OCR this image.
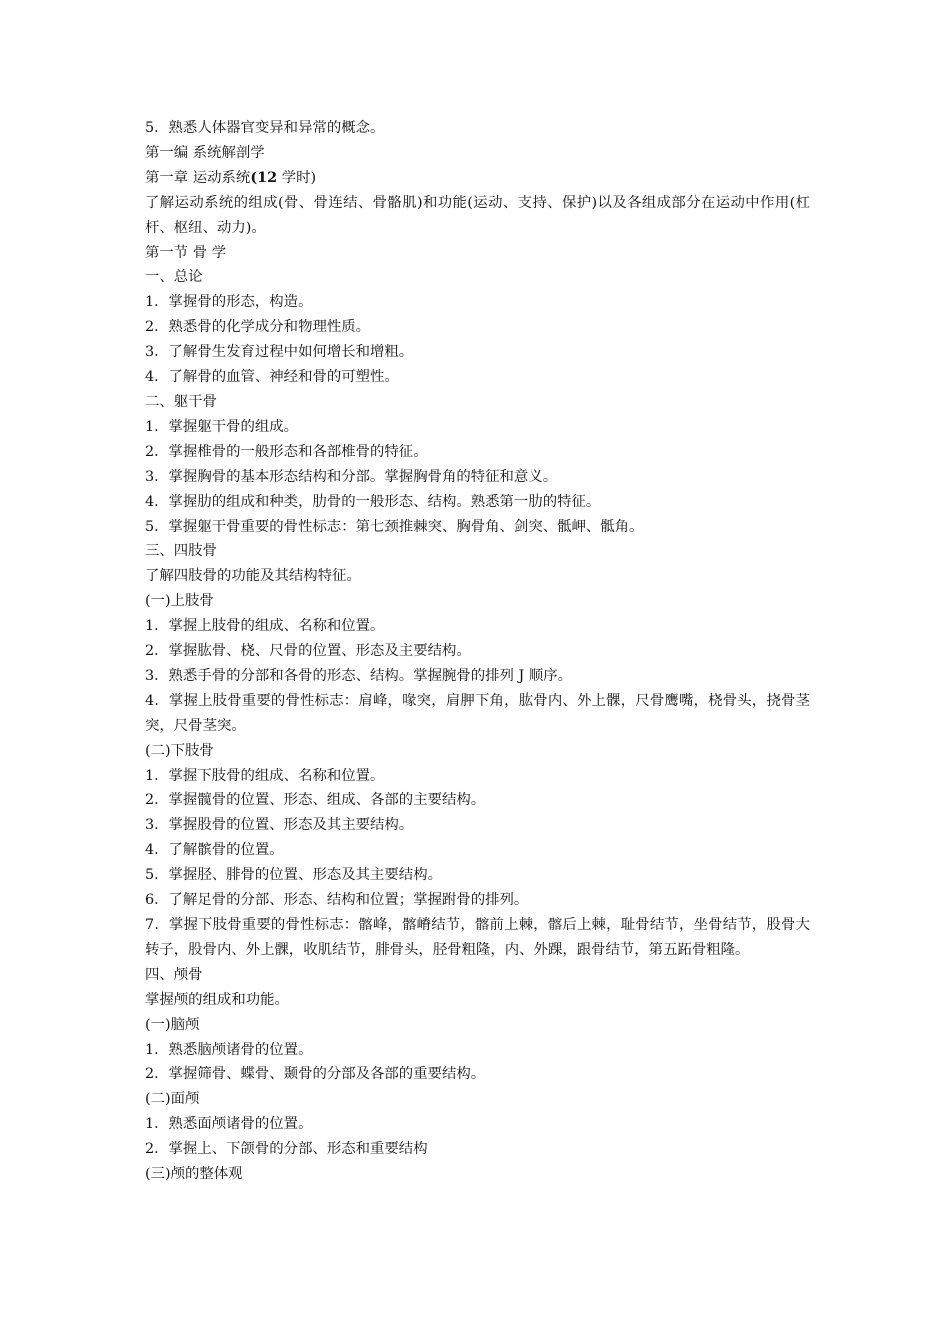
5．熟悉人体器官变异和异常的概念。
第一编 系统解剖学
第一章 运动系统(12 学时)
了解运动系统的组成(骨、骨连结、骨骼肌)和功能(运动、支持、保护)以及各组成部分在运动中作用(杠杆、枢纽、动力)。
第一节 骨 学
一、总论
1．掌握骨的形态，构造。
2．熟悉骨的化学成分和物理性质。
3．了解骨生发育过程中如何增长和增粗。
4．了解骨的血管、神经和骨的可塑性。
二、躯干骨
1．掌握躯干骨的组成。
2．掌握椎骨的一般形态和各部椎骨的特征。
3．掌握胸骨的基本形态结构和分部。掌握胸骨角的特征和意义。
4．掌握肋的组成和种类，肋骨的一般形态、结构。熟悉第一肋的特征。
5．掌握躯干骨重要的骨性标志：第七颈推棘突、胸骨角、剑突、骶岬、骶角。
三、四肢骨
了解四肢骨的功能及其结构特征。
(一)上肢骨
1．掌握上肢骨的组成、名称和位置。
2．掌握肱骨、桡、尺骨的位置、形态及主要结构。
3．熟悉手骨的分部和各骨的形态、结构。掌握腕骨的排列 J 顺序。
4．掌握上肢骨重要的骨性标志：肩峰，喙突，肩胛下角，肱骨内、外上髁，尺骨鹰嘴，桡骨头，挠骨茎突，尺骨茎突。
(二)下肢骨
1．掌握下肢骨的组成、名称和位置。
2．掌握髋骨的位置、形态、组成、各部的主要结构。
3．掌握股骨的位置、形态及其主要结构。
4．了解髌骨的位置。
5．掌握胫、腓骨的位置、形态及其主要结构。
6．了解足骨的分部、形态、结构和位置；掌握跗骨的排列。
7．掌握下肢骨重要的骨性标志：髂峰，髂嵴结节，髂前上棘，髂后上棘，耻骨结节，坐骨结节，股骨大转子，股骨内、外上髁，收肌结节，腓骨头，胫骨粗隆，内、外踝，跟骨结节，第五跖骨粗隆。
四、颅骨
掌握颅的组成和功能。
(一)脑颅
1．熟悉脑颅诸骨的位置。
2．掌握筛骨、蝶骨、颞骨的分部及各部的重要结构。
(二)面颅
1．熟悉面颅诸骨的位置。
2．掌握上、下颌骨的分部、形态和重要结构
(三)颅的整体观
